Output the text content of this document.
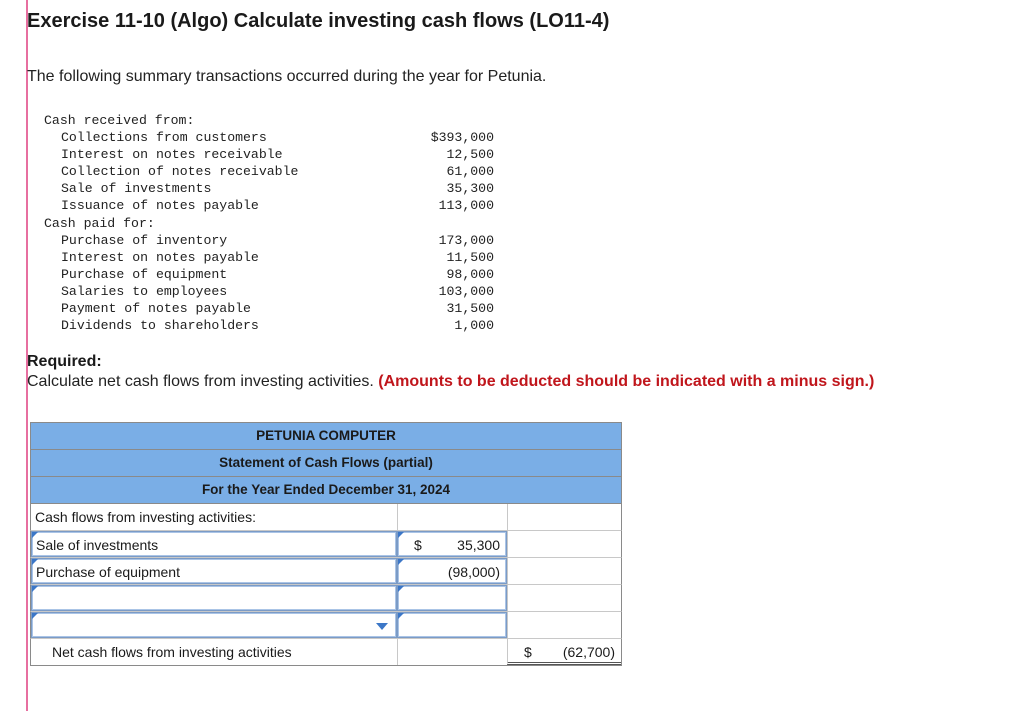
Exercise 11-10 (Algo) Calculate investing cash flows (LO11-4)
The following summary transactions occurred during the year for Petunia.
Cash received from:
Collections from customers	$393,000
Interest on notes receivable	12,500
Collection of notes receivable	61,000
Sale of investments	35,300
Issuance of notes payable	113,000
Cash paid for:
Purchase of inventory	173,000
Interest on notes payable	11,500
Purchase of equipment	98,000
Salaries to employees	103,000
Payment of notes payable	31,500
Dividends to shareholders	1,000
Required:
Calculate net cash flows from investing activities. (Amounts to be deducted should be indicated with a minus sign.)
PETUNIA COMPUTER
Statement of Cash Flows (partial)
For the Year Ended December 31, 2024
Cash flows from investing activities:
Sale of investments	$	35,300
Purchase of equipment	(98,000)
Net cash flows from investing activities	$ (62,700)
